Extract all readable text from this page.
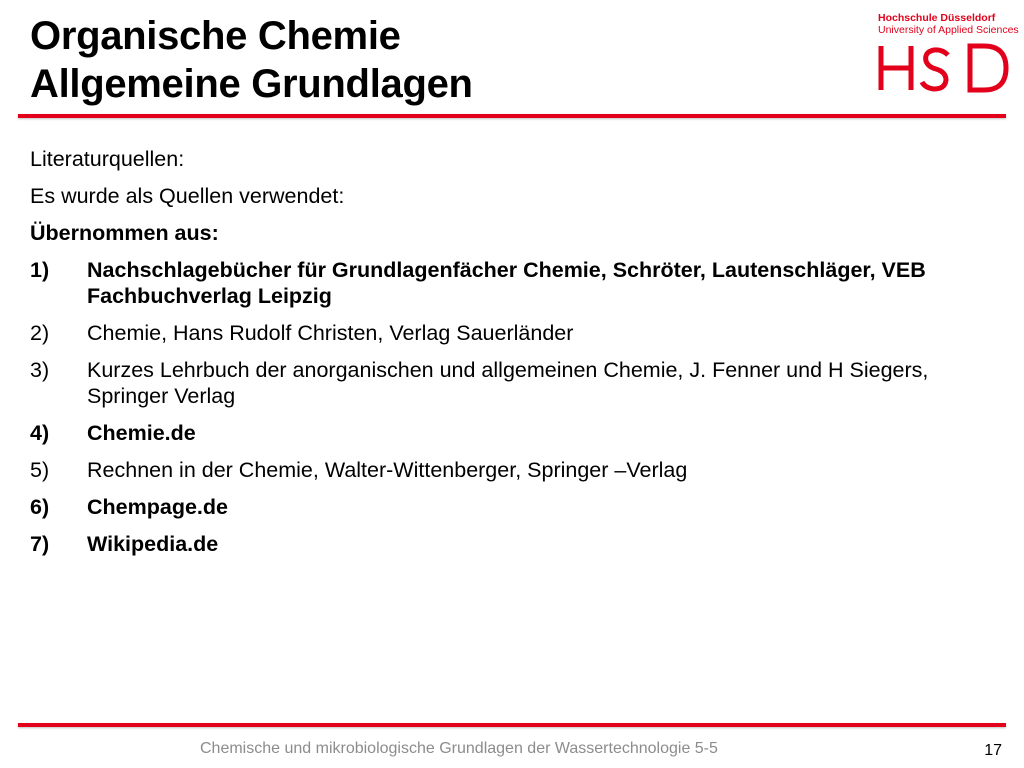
Organische Chemie
Allgemeine Grundlagen
Hochschule Düsseldorf
University of Applied Sciences
Literaturquellen:
Es wurde als Quellen verwendet:
Übernommen aus:
1)	Nachschlagebücher für Grundlagenfächer Chemie, Schröter, Lautenschläger, VEB Fachbuchverlag Leipzig
2)	Chemie, Hans Rudolf Christen, Verlag Sauerländer
3)	Kurzes Lehrbuch der anorganischen und allgemeinen Chemie, J. Fenner und H Siegers, Springer Verlag
4)	Chemie.de
5)	Rechnen in der Chemie, Walter-Wittenberger, Springer –Verlag
6)	Chempage.de
7)	Wikipedia.de
Chemische und mikrobiologische Grundlagen der Wassertechnologie 5-5	17
